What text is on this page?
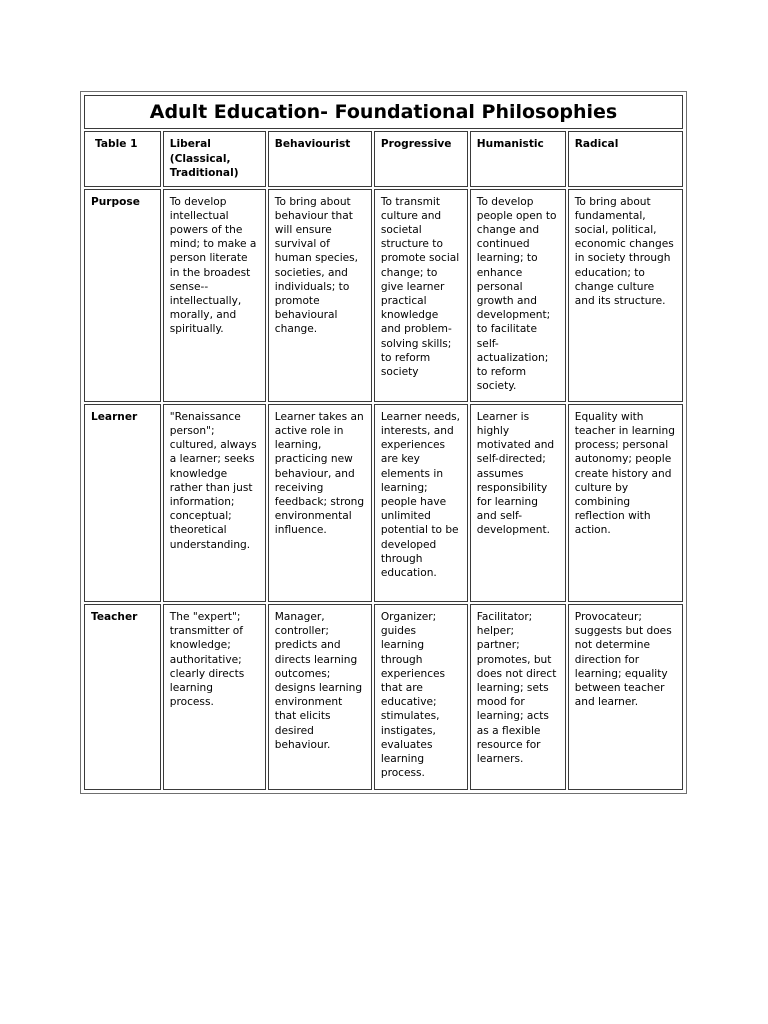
Adult Education- Foundational Philosophies					
Table 1	Liberal (Classical, Traditional)	Behaviourist	Progressive	Humanistic	Radical
Purpose	To develop intellectual powers of the mind; to make a person literate in the broadest sense-- intellectually, morally, and spiritually.	To bring about behaviour that will ensure survival of human species, societies, and individuals; to promote behavioural change.	To transmit culture and societal structure to promote social change; to give learner practical knowledge and problem-solving skills; to reform society	To develop people open to change and continued learning; to enhance personal growth and development; to facilitate self-actualization; to reform society.	To bring about fundamental, social, political, economic changes in society through education; to change culture and its structure.
Learner	"Renaissance person"; cultured, always a learner; seeks knowledge rather than just information; conceptual; theoretical understanding.	Learner takes an active role in learning, practicing new behaviour, and receiving feedback; strong environmental influence.	Learner needs, interests, and experiences are key elements in learning; people have unlimited potential to be developed through education.	Learner is highly motivated and self-directed; assumes responsibility for learning and self-development.	Equality with teacher in learning process; personal autonomy; people create history and culture by combining reflection with action.
Teacher	The "expert"; transmitter of knowledge; authoritative; clearly directs learning process.	Manager, controller; predicts and directs learning outcomes; designs learning environment that elicits desired behaviour.	Organizer; guides learning through experiences that are educative; stimulates, instigates, evaluates learning process.	Facilitator; helper; partner; promotes, but does not direct learning; sets mood for learning; acts as a flexible resource for learners.	Provocateur; suggests but does not determine direction for learning; equality between teacher and learner.
